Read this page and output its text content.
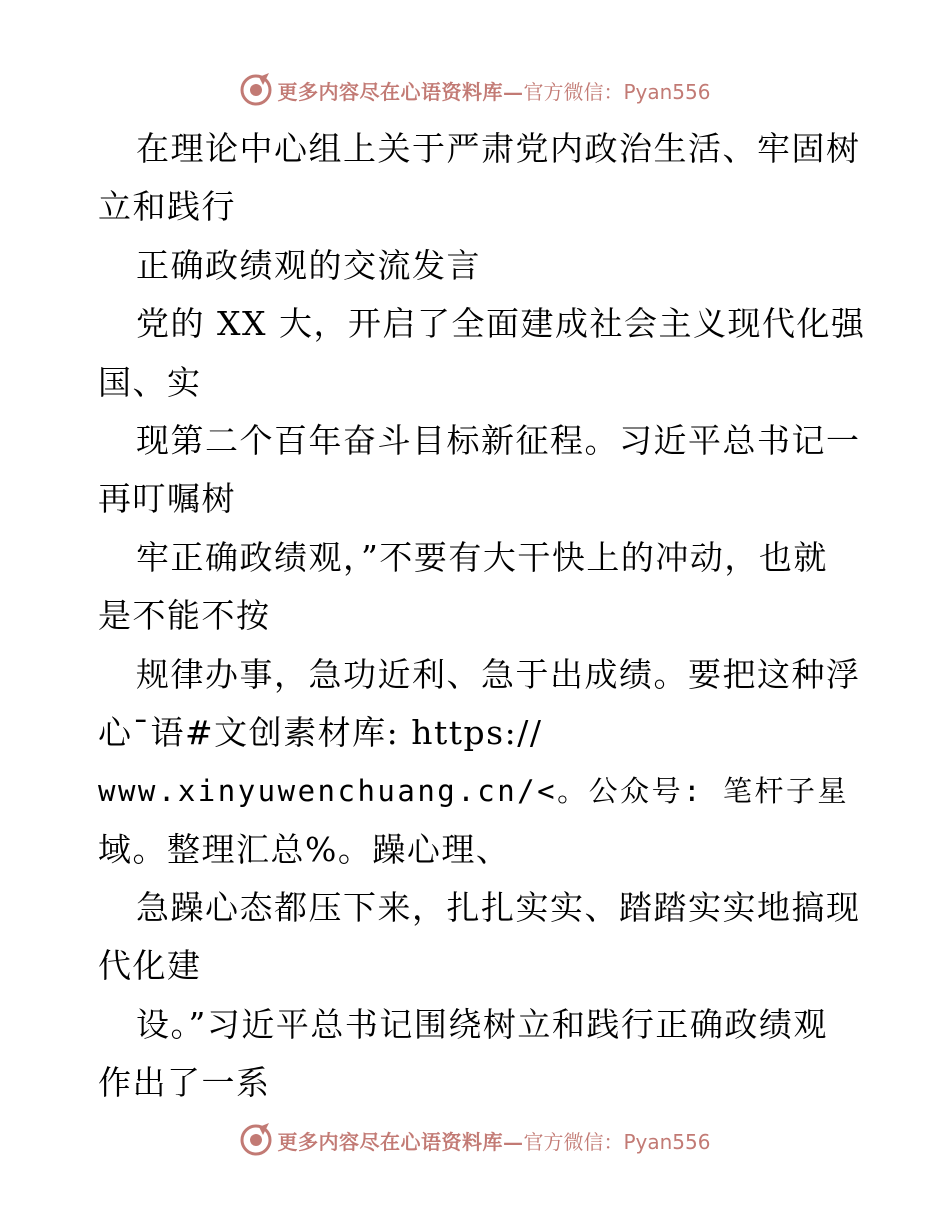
更多内容尽在心语资料库— 官方微信：Pyan556
在理论中心组上关于严肃党内政治生活、牢固树
立和践行
正确政绩观的交流发言
党的 XX 大，开启了全面建成社会主义现代化强
国、实
现第二个百年奋斗目标新征程。习近平总书记一
再叮嘱树
牢正确政绩观，”不要有大干快上的冲动，也就
是不能不按
规律办事，急功近利、急于出成绩。要把这种浮
心¯语#文创素材库: https://
www.xinyuwenchuang.cn/<。公众号: 笔杆子星
域。整理汇总%。躁心理、
急躁心态都压下来，扎扎实实、踏踏实实地搞现
代化建
设。”习近平总书记围绕树立和践行正确政绩观
作出了一系
更多内容尽在心语资料库— 官方微信：Pyan556
